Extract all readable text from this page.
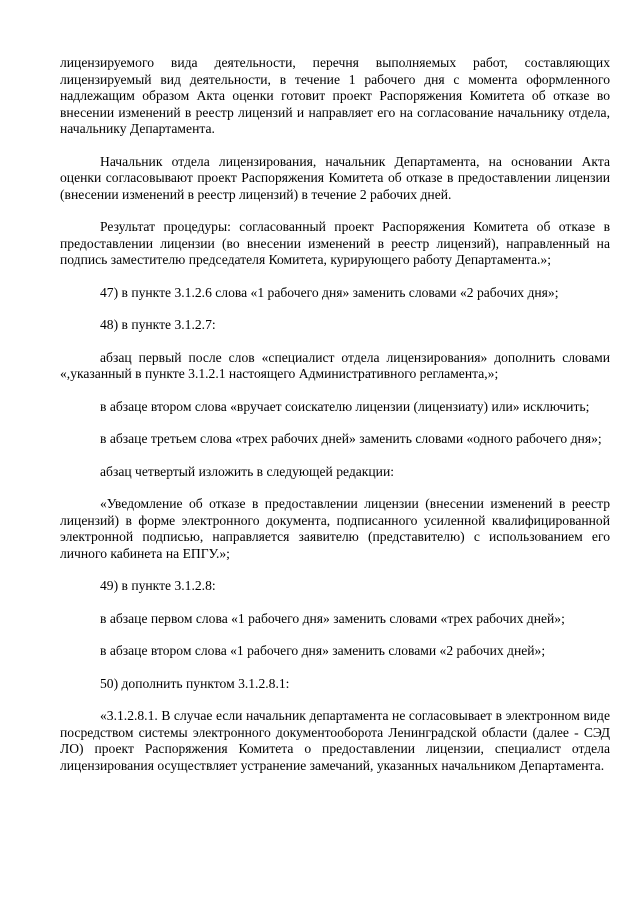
лицензируемого вида деятельности, перечня выполняемых работ, составляющих лицензируемый вид деятельности, в течение 1 рабочего дня с момента оформленного надлежащим образом Акта оценки готовит проект Распоряжения Комитета об отказе во внесении изменений в реестр лицензий и направляет его на согласование начальнику отдела, начальнику Департамента.

Начальник отдела лицензирования, начальник Департамента, на основании Акта оценки согласовывают проект Распоряжения Комитета об отказе в предоставлении лицензии (внесении изменений в реестр лицензий) в течение 2 рабочих дней.

Результат процедуры: согласованный проект Распоряжения Комитета об отказе в предоставлении лицензии (во внесении изменений в реестр лицензий), направленный на подпись заместителю председателя Комитета, курирующего работу Департамента.»;

47) в пункте 3.1.2.6 слова «1 рабочего дня» заменить словами «2 рабочих дня»;

48) в пункте 3.1.2.7:

абзац первый после слов «специалист отдела лицензирования» дополнить словами «,указанный в пункте 3.1.2.1 настоящего Административного регламента,»;

в абзаце втором слова «вручает соискателю лицензии (лицензиату) или» исключить;

в абзаце третьем слова «трех рабочих дней» заменить словами «одного рабочего дня»;

абзац четвертый изложить в следующей редакции:

«Уведомление об отказе в предоставлении лицензии (внесении изменений в реестр лицензий) в форме электронного документа, подписанного усиленной квалифицированной электронной подписью, направляется заявителю (представителю) с использованием его личного кабинета на ЕПГУ.»;

49) в пункте 3.1.2.8:

в абзаце первом слова «1 рабочего дня» заменить словами «трех рабочих дней»;

в абзаце втором слова «1 рабочего дня» заменить словами «2 рабочих дней»;

50) дополнить пунктом 3.1.2.8.1:

«3.1.2.8.1. В случае если начальник департамента не согласовывает в электронном виде посредством системы электронного документооборота Ленинградской области (далее - СЭД ЛО) проект Распоряжения Комитета о предоставлении лицензии, специалист отдела лицензирования осуществляет устранение замечаний, указанных начальником Департамента.
